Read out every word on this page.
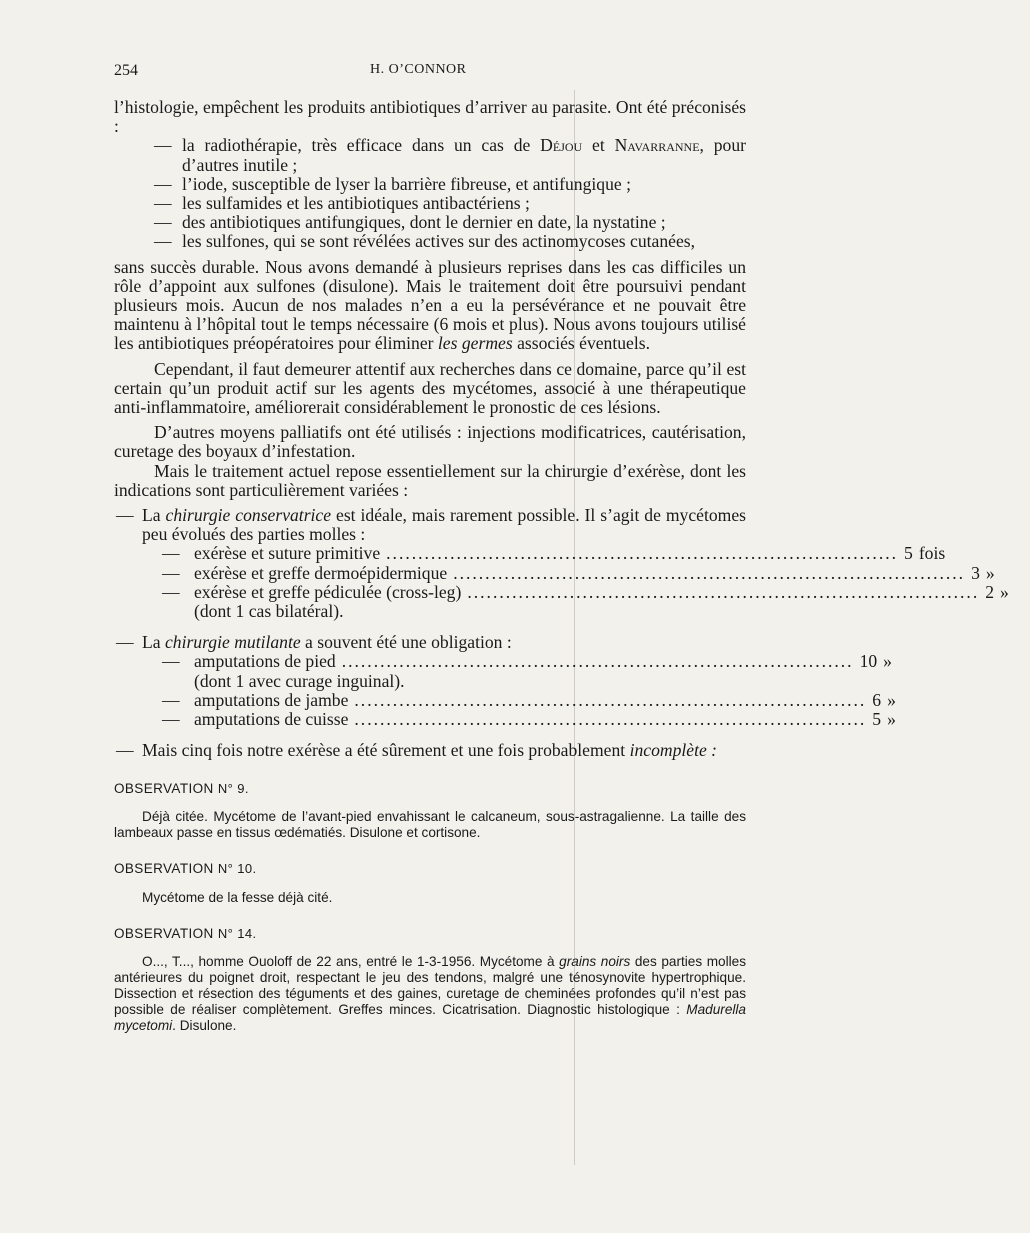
254	H. O’CONNOR

l’histologie, empêchent les produits antibiotiques d’arriver au parasite. Ont été préconisés :

— la radiothérapie, très efficace dans un cas de Déjou et Navarranne, pour d’autres inutile ;
— l’iode, susceptible de lyser la barrière fibreuse, et antifungique ;
— les sulfamides et les antibiotiques antibactériens ;
— des antibiotiques antifungiques, dont le dernier en date, la nystatine ;
— les sulfones, qui se sont révélées actives sur des actinomycoses cutanées,

sans succès durable. Nous avons demandé à plusieurs reprises dans les cas difficiles un rôle d’appoint aux sulfones (disulone). Mais le traitement doit être poursuivi pendant plusieurs mois. Aucun de nos malades n’en a eu la persévérance et ne pouvait être maintenu à l’hôpital tout le temps nécessaire (6 mois et plus). Nous avons toujours utilisé les antibiotiques préopératoires pour éliminer les germes associés éventuels.

Cependant, il faut demeurer attentif aux recherches dans ce domaine, parce qu’il est certain qu’un produit actif sur les agents des mycétomes, associé à une thérapeutique anti-inflammatoire, améliorerait considérablement le pronostic de ces lésions.

D’autres moyens palliatifs ont été utilisés : injections modificatrices, cautérisation, curetage des boyaux d’infestation.

Mais le traitement actuel repose essentiellement sur la chirurgie d’exérèse, dont les indications sont particulièrement variées :

— La chirurgie conservatrice est idéale, mais rarement possible. Il s’agit de mycétomes peu évolués des parties molles :

— exérèse et suture primitive ................................................................................ 5 fois
— exérèse et greffe dermoépidermique ................................................................................ 3 »
— exérèse et greffe pédiculée (cross-leg) ................................................................................ 2 »

(dont 1 cas bilatéral).

— La chirurgie mutilante a souvent été une obligation :

— amputations de pied ................................................................................ 10 »

(dont 1 avec curage inguinal).

— amputations de jambe ................................................................................ 6 »
— amputations de cuisse ................................................................................ 5 »

— Mais cinq fois notre exérèse a été sûrement et une fois probablement incomplète :

OBSERVATION N° 9.

Déjà citée. Mycétome de l’avant-pied envahissant le calcaneum, sous-astragalienne. La taille des lambeaux passe en tissus œdématiés. Disulone et cortisone.

OBSERVATION N° 10.

Mycétome de la fesse déjà cité.

OBSERVATION N° 14.

O..., T..., homme Ouoloff de 22 ans, entré le 1-3-1956. Mycétome à grains noirs des parties molles antérieures du poignet droit, respectant le jeu des tendons, malgré une ténosynovite hypertrophique. Dissection et résection des téguments et des gaines, curetage de cheminées profondes qu’il n’est pas possible de réaliser complètement. Greffes minces. Cicatrisation. Diagnostic histologique : Madurella mycetomi. Disulone.
